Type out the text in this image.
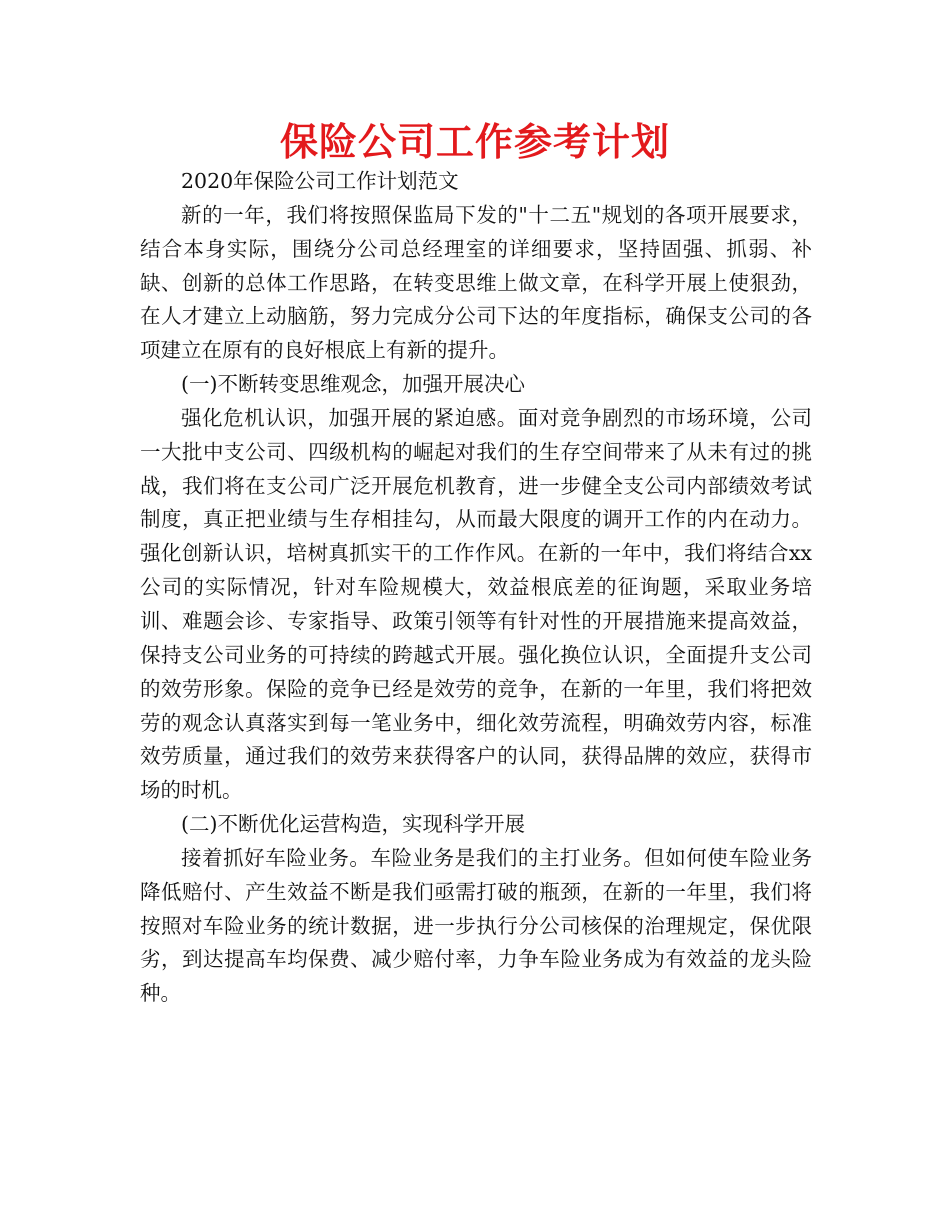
保险公司工作参考计划

2020年保险公司工作计划范文

新的一年，我们将按照保监局下发的"十二五"规划的各项开展要求，结合本身实际，围绕分公司总经理室的详细要求，坚持固强、抓弱、补缺、创新的总体工作思路，在转变思维上做文章，在科学开展上使狠劲，在人才建立上动脑筋，努力完成分公司下达的年度指标，确保支公司的各项建立在原有的良好根底上有新的提升。

(一)不断转变思维观念，加强开展决心

强化危机认识，加强开展的紧迫感。面对竞争剧烈的市场环境，公司一大批中支公司、四级机构的崛起对我们的生存空间带来了从未有过的挑战，我们将在支公司广泛开展危机教育，进一步健全支公司内部绩效考试制度，真正把业绩与生存相挂勾，从而最大限度的调开工作的内在动力。强化创新认识，培树真抓实干的工作作风。在新的一年中，我们将结合xx公司的实际情况，针对车险规模大，效益根底差的征询题，采取业务培训、难题会诊、专家指导、政策引领等有针对性的开展措施来提高效益，保持支公司业务的可持续的跨越式开展。强化换位认识，全面提升支公司的效劳形象。保险的竞争已经是效劳的竞争，在新的一年里，我们将把效劳的观念认真落实到每一笔业务中，细化效劳流程，明确效劳内容，标准效劳质量，通过我们的效劳来获得客户的认同，获得品牌的效应，获得市场的时机。

(二)不断优化运营构造，实现科学开展

接着抓好车险业务。车险业务是我们的主打业务。但如何使车险业务降低赔付、产生效益不断是我们亟需打破的瓶颈，在新的一年里，我们将按照对车险业务的统计数据，进一步执行分公司核保的治理规定，保优限劣，到达提高车均保费、减少赔付率，力争车险业务成为有效益的龙头险种。
